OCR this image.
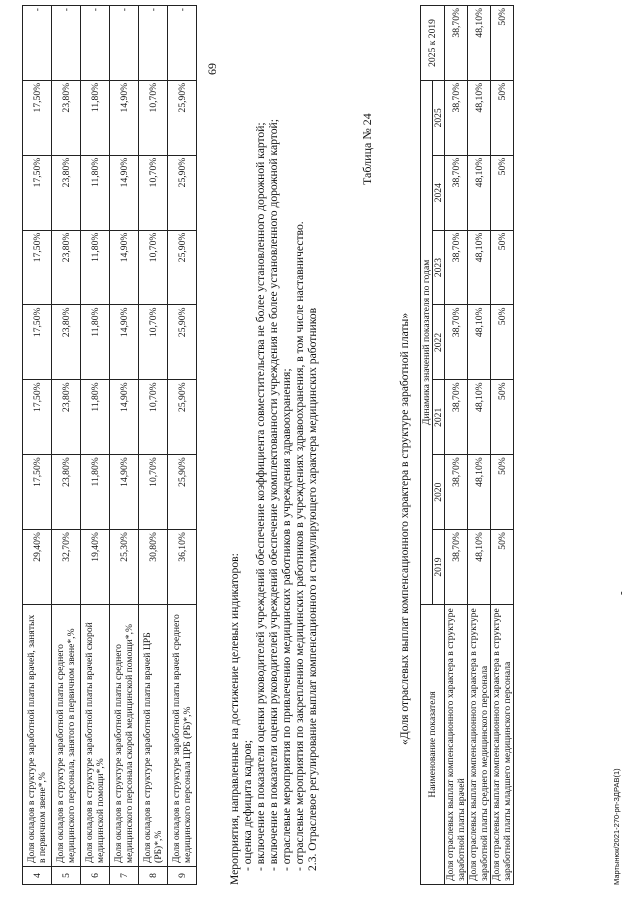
69
4	Доля окладов в структуре заработной платы врачей, занятых в первичном звене*,%	29,40%	17,50%	17,50%	17,50%	17,50%	17,50%	17,50%	-
5	Доля окладов в структуре заработной платы среднего медицинского персонала, занятого в первичном звене*,%	32,70%	23,80%	23,80%	23,80%	23,80%	23,80%	23,80%	-
6	Доля окладов в структуре заработной платы врачей скорой медицинской помощи*,%	19,40%	11,80%	11,80%	11,80%	11,80%	11,80%	11,80%	-
7	Доля окладов в структуре заработной платы среднего медицинского персонала скорой медицинской помощи*,%	25,30%	14,90%	14,90%	14,90%	14,90%	14,90%	14,90%	-
8	Доля окладов в структуре заработной платы врачей ЦРБ (РБ)*,%	30,80%	10,70%	10,70%	10,70%	10,70%	10,70%	10,70%	-
9	Доля окладов в структуре заработной платы врачей среднего медицинского персонала ЦРБ (РБ)*,%	36,10%	25,90%	25,90%	25,90%	25,90%	25,90%	25,90%	-

Мероприятия, направленные на достижение целевых индикаторов: - оценка дефицита кадров; - включение в показатели оценки руководителей учреждений обеспечение коэффициента совместительства не более установленного дорожной картой; - включение в показатели оценки руководителей учреждений обеспечение укомплектованности учреждения не более установленного дорожной картой; - отраслевые мероприятия по привлечению медицинских работников в учреждения здравоохранения; - отраслевые мероприятия по закреплению медицинских работников в учреждениях здравоохранения, в том числе наставничество. 2.3. Отраслевое регулирование выплат компенсационного и стимулирующего характера медицинских работников

Таблица № 24
«Доля отраслевых выплат компенсационного характера в структуре заработной платы» Наименование показателя	Динамика значений показателя по годам							2025 к 2019
	2019	2020	2021	2022	2023	2024	2025	
Доля отраслевых выплат компенсационного характера в структуре заработной платы врачей	38,70%	38,70%	38,70%	38,70%	38,70%	38,70%	38,70%	38,70%
Доля отраслевых выплат компенсационного характера в структуре заработной платы среднего медицинского персонала	48,10%	48,10%	48,10%	48,10%	48,10%	48,10%	48,10%	48,10%
Доля отраслевых выплат компенсационного характера в структуре заработной платы младшего медицинского персонала	50%	50%	50%	50%	50%	50%	50%	50%
-
Мартынюк/2021-270-рп-ЗДРАВ(1)
